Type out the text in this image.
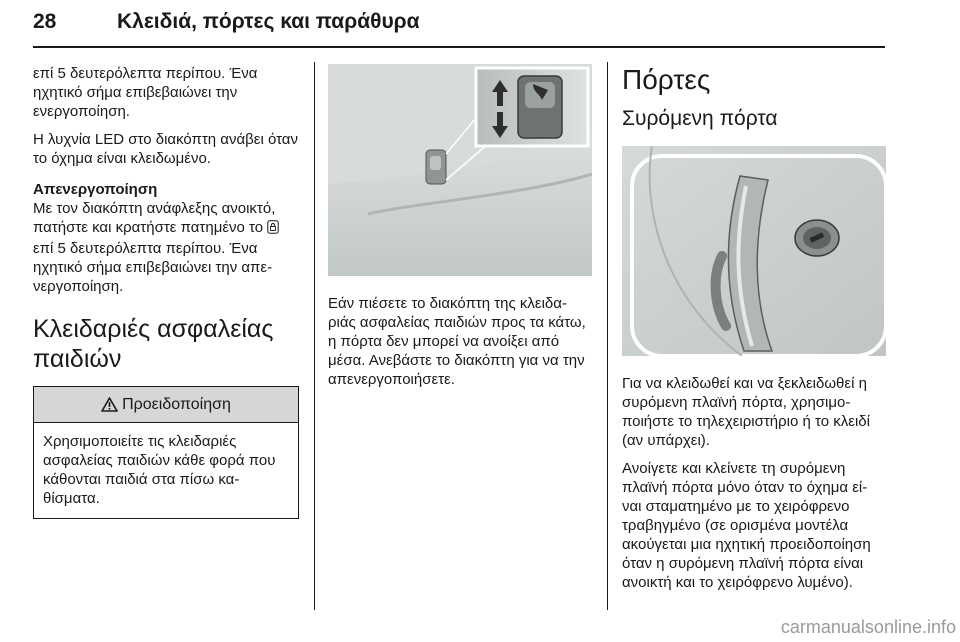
28	Κλειδιά, πόρτες και παράθυρα

επί 5 δευτερόλεπτα περίπου. Ένα ηχητικό σήμα επιβεβαιώνει την ενεργοποίηση.

Η λυχνία LED στο διακόπτη ανάβει όταν το όχημα είναι κλειδωμένο.

Απενεργοποίηση

Με τον διακόπτη ανάφλεξης ανοικτό, πατήστε και κρατήστε πατημένο το  επί 5 δευτερόλεπτα περίπου. Ένα ηχητικό σήμα επιβεβαιώνει την απε-νεργοποίηση.

Κλειδαριές ασφαλείας παιδιών
Προειδοποίηση

Χρησιμοποιείτε τις κλειδαριές ασφαλείας παιδιών κάθε φορά που κάθονται παιδιά στα πίσω κα-θίσματα.

Εάν πιέσετε το διακόπτη της κλειδα-ριάς ασφαλείας παιδιών προς τα κάτω, η πόρτα δεν μπορεί να ανοίξει από μέσα. Ανεβάστε το διακόπτη για να την απενεργοποιήσετε.

Πόρτες
Συρόμενη πόρτα

Για να κλειδωθεί και να ξεκλειδωθεί η συρόμενη πλαϊνή πόρτα, χρησιμο-ποιήστε το τηλεχειριστήριο ή το κλειδί (αν υπάρχει).

Ανοίγετε και κλείνετε τη συρόμενη πλαϊνή πόρτα μόνο όταν το όχημα εί-ναι σταματημένο με το χειρόφρενο τραβηγμένο (σε ορισμένα μοντέλα ακούγεται μια ηχητική προειδοποίηση όταν η συρόμενη πλαϊνή πόρτα είναι ανοικτή και το χειρόφρενο λυμένο).

carmanualsonline.info
